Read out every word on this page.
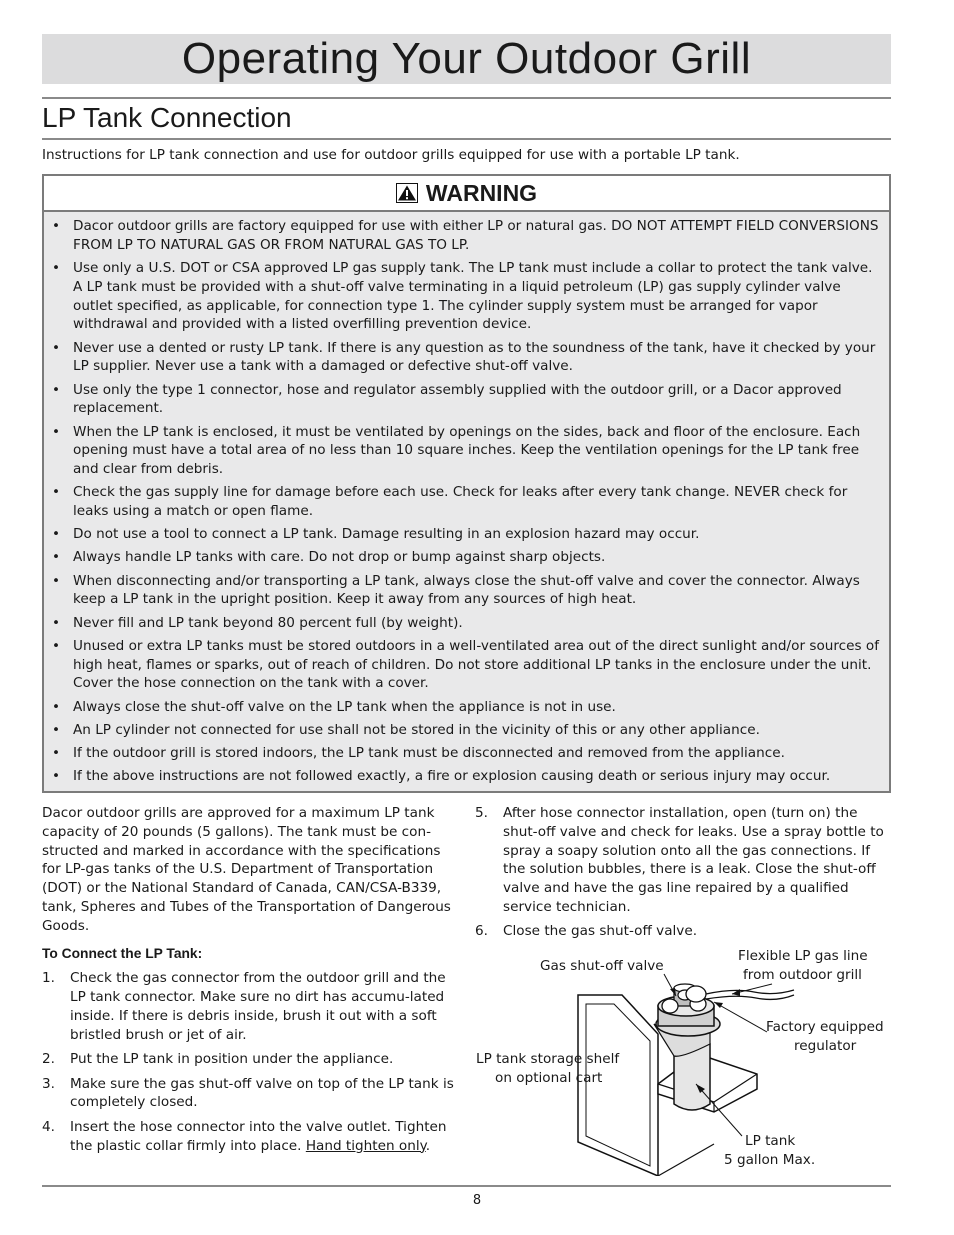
Operating Your Outdoor Grill
LP Tank Connection

Instructions for LP tank connection and use for outdoor grills equipped for use with a portable LP tank.

WARNING
• Dacor outdoor grills are factory equipped for use with either LP or natural gas. DO NOT ATTEMPT FIELD CONVERSIONS FROM LP TO NATURAL GAS OR FROM NATURAL GAS TO LP.
• Use only a U.S. DOT or CSA approved LP gas supply tank. The LP tank must include a collar to protect the tank valve. A LP tank must be provided with a shut-off valve terminating in a liquid petroleum (LP) gas supply cylinder valve outlet specified, as applicable, for connection type 1. The cylinder supply system must be arranged for vapor withdrawal and provided with a listed overfilling prevention device.
• Never use a dented or rusty LP tank. If there is any question as to the soundness of the tank, have it checked by your LP supplier. Never use a tank with a damaged or defective shut-off valve.
• Use only the type 1 connector, hose and regulator assembly supplied with the outdoor grill, or a Dacor approved replacement.
• When the LP tank is enclosed, it must be ventilated by openings on the sides, back and floor of the enclosure. Each opening must have a total area of no less than 10 square inches. Keep the ventilation openings for the LP tank free and clear from debris.
• Check the gas supply line for damage before each use. Check for leaks after every tank change. NEVER check for leaks using a match or open flame.
• Do not use a tool to connect a LP tank. Damage resulting in an explosion hazard may occur.
• Always handle LP tanks with care. Do not drop or bump against sharp objects.
• When disconnecting and/or transporting a LP tank, always close the shut-off valve and cover the connector. Always keep a LP tank in the upright position. Keep it away from any sources of high heat.
• Never fill and LP tank beyond 80 percent full (by weight).
• Unused or extra LP tanks must be stored outdoors in a well-ventilated area out of the direct sunlight and/or sources of high heat, flames or sparks, out of reach of children. Do not store additional LP tanks in the enclosure under the unit. Cover the hose connection on the tank with a cover.
• Always close the shut-off valve on the LP tank when the appliance is not in use.
• An LP cylinder not connected for use shall not be stored in the vicinity of this or any other appliance.
• If the outdoor grill is stored indoors, the LP tank must be disconnected and removed from the appliance.
• If the above instructions are not followed exactly, a fire or explosion causing death or serious injury may occur.

Dacor outdoor grills are approved for a maximum LP tank capacity of 20 pounds (5 gallons). The tank must be con-structed and marked in accordance with the specifications for LP-gas tanks of the U.S. Department of Transportation (DOT) or the National Standard of Canada, CAN/CSA-B339, tank, Spheres and Tubes of the Transportation of Dangerous Goods.

To Connect the LP Tank:

1. Check the gas connector from the outdoor grill and the LP tank connector. Make sure no dirt has accumu-lated inside. If there is debris inside, brush it out with a soft bristled brush or jet of air.
2. Put the LP tank in position under the appliance.
3. Make sure the gas shut-off valve on top of the LP tank is completely closed.
4. Insert the hose connector into the valve outlet. Tighten the plastic collar firmly into place. Hand tighten only.
5. After hose connector installation, open (turn on) the shut-off valve and check for leaks. Use a spray bottle to spray a soapy solution onto all the gas connections. If the solution bubbles, there is a leak. Close the shut-off valve and have the gas line repaired by a qualified service technician.
6. Close the gas shut-off valve.
Gas shut-off valve
Flexible LP gas line
from outdoor grill
Factory equipped
regulator
LP tank storage shelf
on optional cart
LP tank
5 gallon Max.
8
